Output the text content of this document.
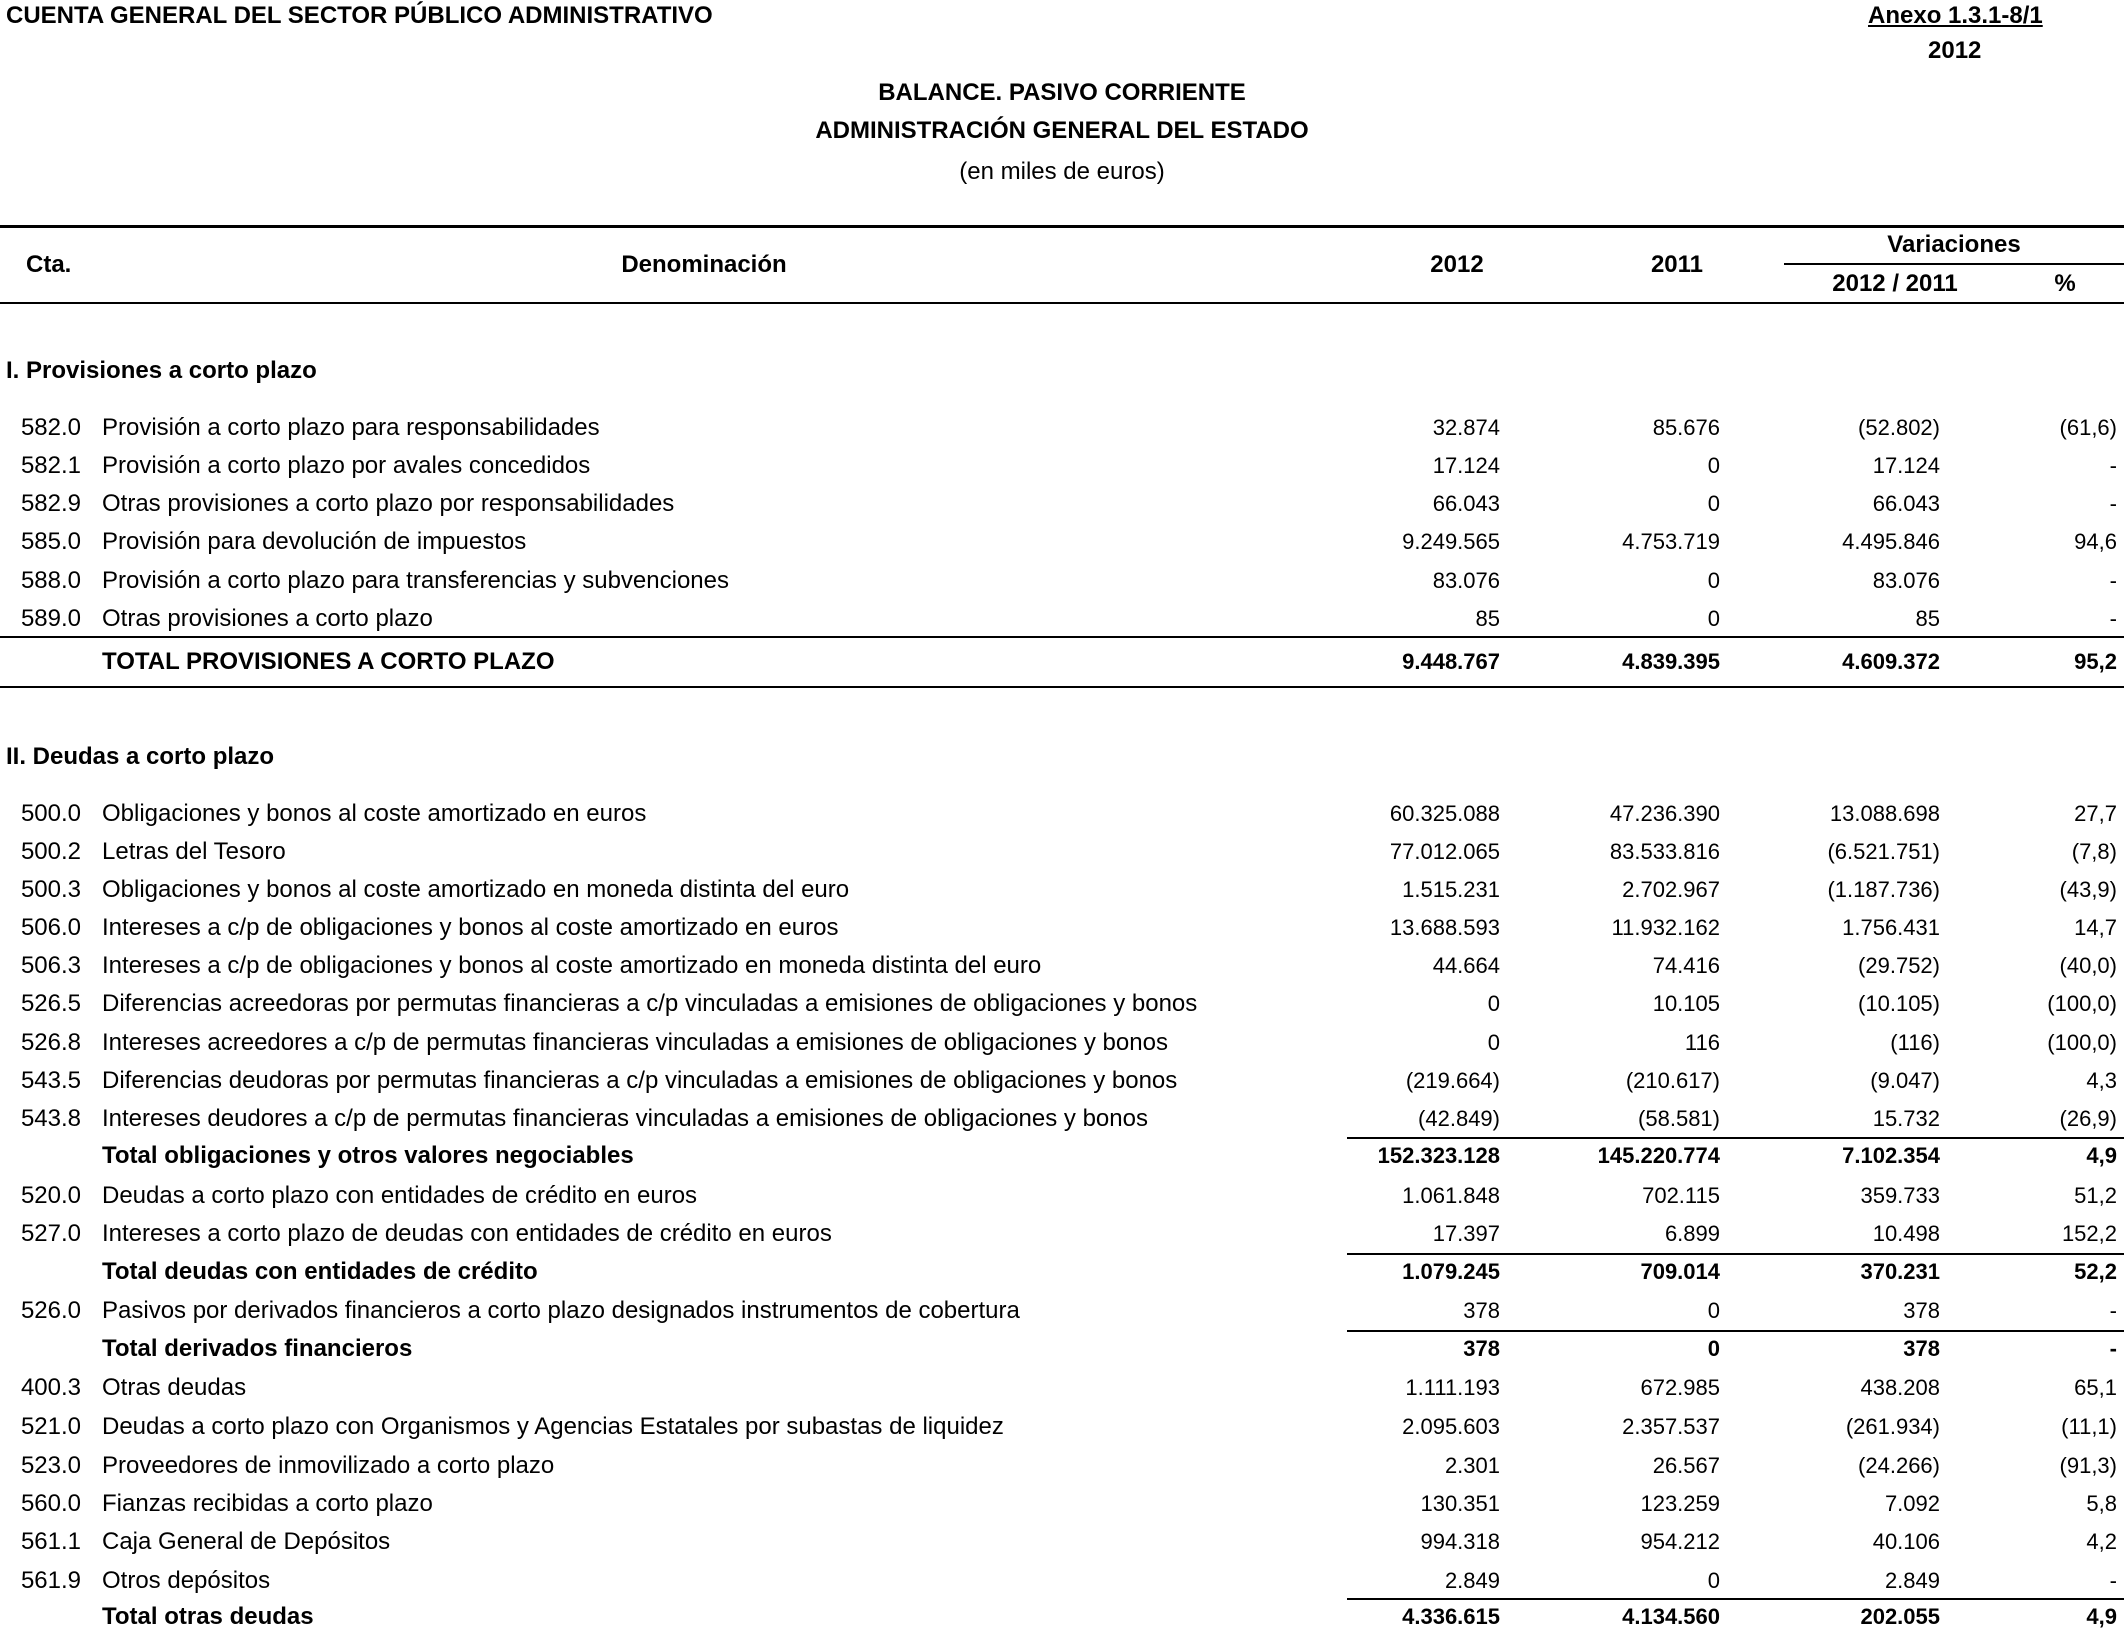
CUENTA GENERAL DEL SECTOR PÚBLICO ADMINISTRATIVO	Anexo 1.3.1-8/1
2012
BALANCE. PASIVO CORRIENTE
ADMINISTRACIÓN GENERAL DEL ESTADO
(en miles de euros)
Cta.	Denominación	2012	2011
Variaciones
2012 / 2011	%
I. Provisiones a corto plazo
582.0 Provisión a corto plazo para responsabilidades	32.874	85.676	(52.802)	(61,6)
582.1 Provisión a corto plazo por avales concedidos	17.124	0	17.124	-
582.9 Otras provisiones a corto plazo por responsabilidades	66.043	0	66.043	-
585.0 Provisión para devolución de impuestos	9.249.565	4.753.719	4.495.846	94,6
588.0 Provisión a corto plazo para transferencias y subvenciones	83.076	0	83.076	-
589.0 Otras provisiones a corto plazo	85	0	85	-
TOTAL PROVISIONES A CORTO PLAZO	9.448.767	4.839.395	4.609.372	95,2
II. Deudas a corto plazo
500.0 Obligaciones y bonos al coste amortizado en euros	60.325.088	47.236.390	13.088.698	27,7
500.2 Letras del Tesoro	77.012.065	83.533.816	(6.521.751)	(7,8)
500.3 Obligaciones y bonos al coste amortizado en moneda distinta del euro	1.515.231	2.702.967	(1.187.736)	(43,9)
506.0 Intereses a c/p de obligaciones y bonos al coste amortizado en euros	13.688.593	11.932.162	1.756.431	14,7
506.3 Intereses a c/p de obligaciones y bonos al coste amortizado en moneda distinta del euro	44.664	74.416	(29.752)	(40,0)
526.5 Diferencias acreedoras por permutas financieras a c/p vinculadas a emisiones de obligaciones y bonos	0	10.105	(10.105)	(100,0)
526.8 Intereses acreedores a c/p de permutas financieras vinculadas a emisiones de obligaciones y bonos	0	116	(116)	(100,0)
543.5 Diferencias deudoras por permutas financieras a c/p vinculadas a emisiones de obligaciones y bonos	(219.664)	(210.617)	(9.047)	4,3
543.8 Intereses deudores a c/p de permutas financieras vinculadas a emisiones de obligaciones y bonos	(42.849)	(58.581)	15.732	(26,9)
Total obligaciones y otros valores negociables	152.323.128	145.220.774	7.102.354	4,9
520.0 Deudas a corto plazo con entidades de crédito en euros	1.061.848	702.115	359.733	51,2
527.0 Intereses a corto plazo de deudas con entidades de crédito en euros	17.397	6.899	10.498	152,2
Total deudas con entidades de crédito	1.079.245	709.014	370.231	52,2
526.0 Pasivos por derivados financieros a corto plazo designados instrumentos de cobertura	378	0	378	-
Total derivados financieros	378	0	378	-
400.3 Otras deudas	1.111.193	672.985	438.208	65,1
521.0 Deudas a corto plazo con Organismos y Agencias Estatales por subastas de liquidez	2.095.603	2.357.537	(261.934)	(11,1)
523.0 Proveedores de inmovilizado a corto plazo	2.301	26.567	(24.266)	(91,3)
560.0 Fianzas recibidas a corto plazo	130.351	123.259	7.092	5,8
561.1 Caja General de Depósitos	994.318	954.212	40.106	4,2
561.9 Otros depósitos	2.849	0	2.849	-
Total otras deudas	4.336.615	4.134.560	202.055	4,9
